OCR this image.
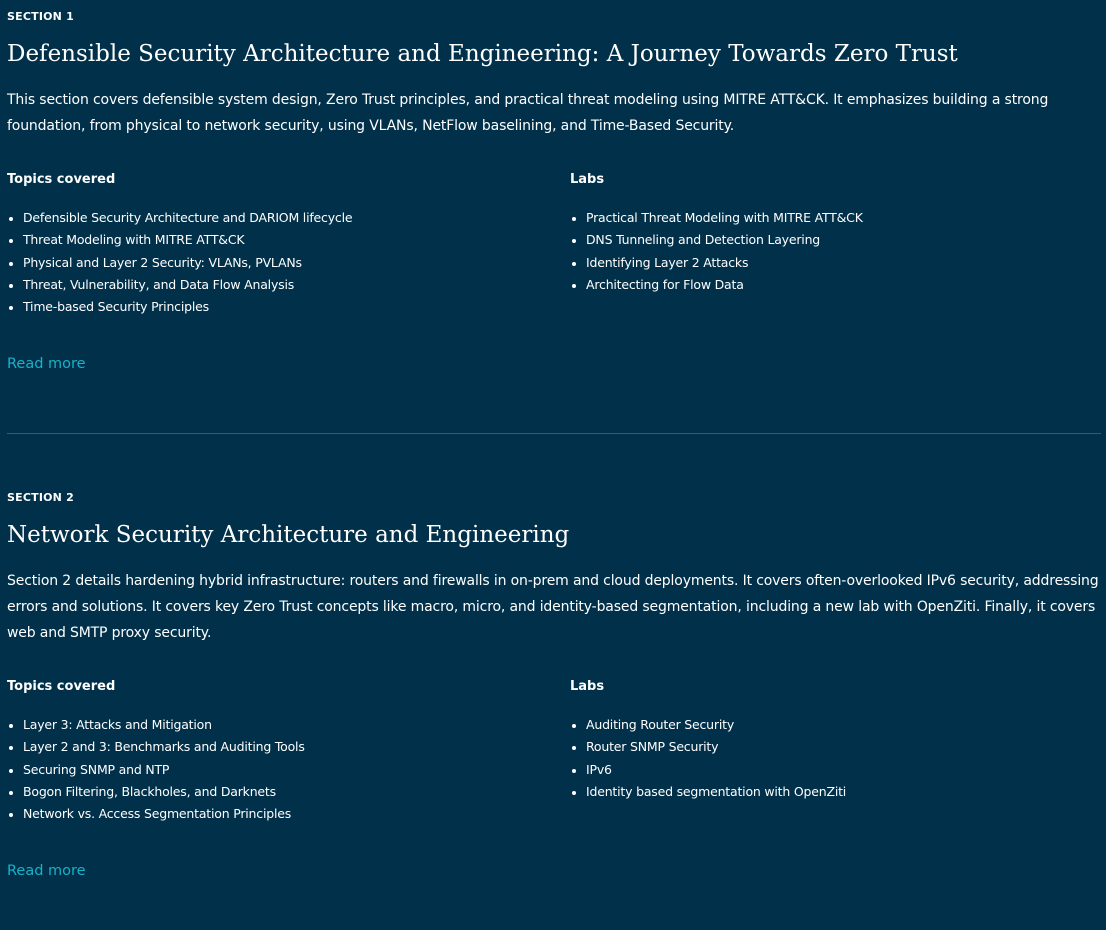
SECTION 1
Defensible Security Architecture and Engineering: A Journey Towards Zero Trust

This section covers defensible system design, Zero Trust principles, and practical threat modeling using MITRE ATT&CK. It emphasizes building a strong foundation, from physical to network security, using VLANs, NetFlow baselining, and Time-Based Security.

Topics covered
Defensible Security Architecture and DARIOM lifecycle
Threat Modeling with MITRE ATT&CK
Physical and Layer 2 Security: VLANs, PVLANs
Threat, Vulnerability, and Data Flow Analysis
Time-based Security Principles
Labs
Practical Threat Modeling with MITRE ATT&CK
DNS Tunneling and Detection Layering
Identifying Layer 2 Attacks
Architecting for Flow Data
Read more
SECTION 2
Network Security Architecture and Engineering

Section 2 details hardening hybrid infrastructure: routers and firewalls in on-prem and cloud deployments. It covers often-overlooked IPv6 security, addressing errors and solutions. It covers key Zero Trust concepts like macro, micro, and identity-based segmentation, including a new lab with OpenZiti. Finally, it covers web and SMTP proxy security.

Topics covered
Layer 3: Attacks and Mitigation
Layer 2 and 3: Benchmarks and Auditing Tools
Securing SNMP and NTP
Bogon Filtering, Blackholes, and Darknets
Network vs. Access Segmentation Principles
Labs
Auditing Router Security
Router SNMP Security
IPv6
Identity based segmentation with OpenZiti
Read more
